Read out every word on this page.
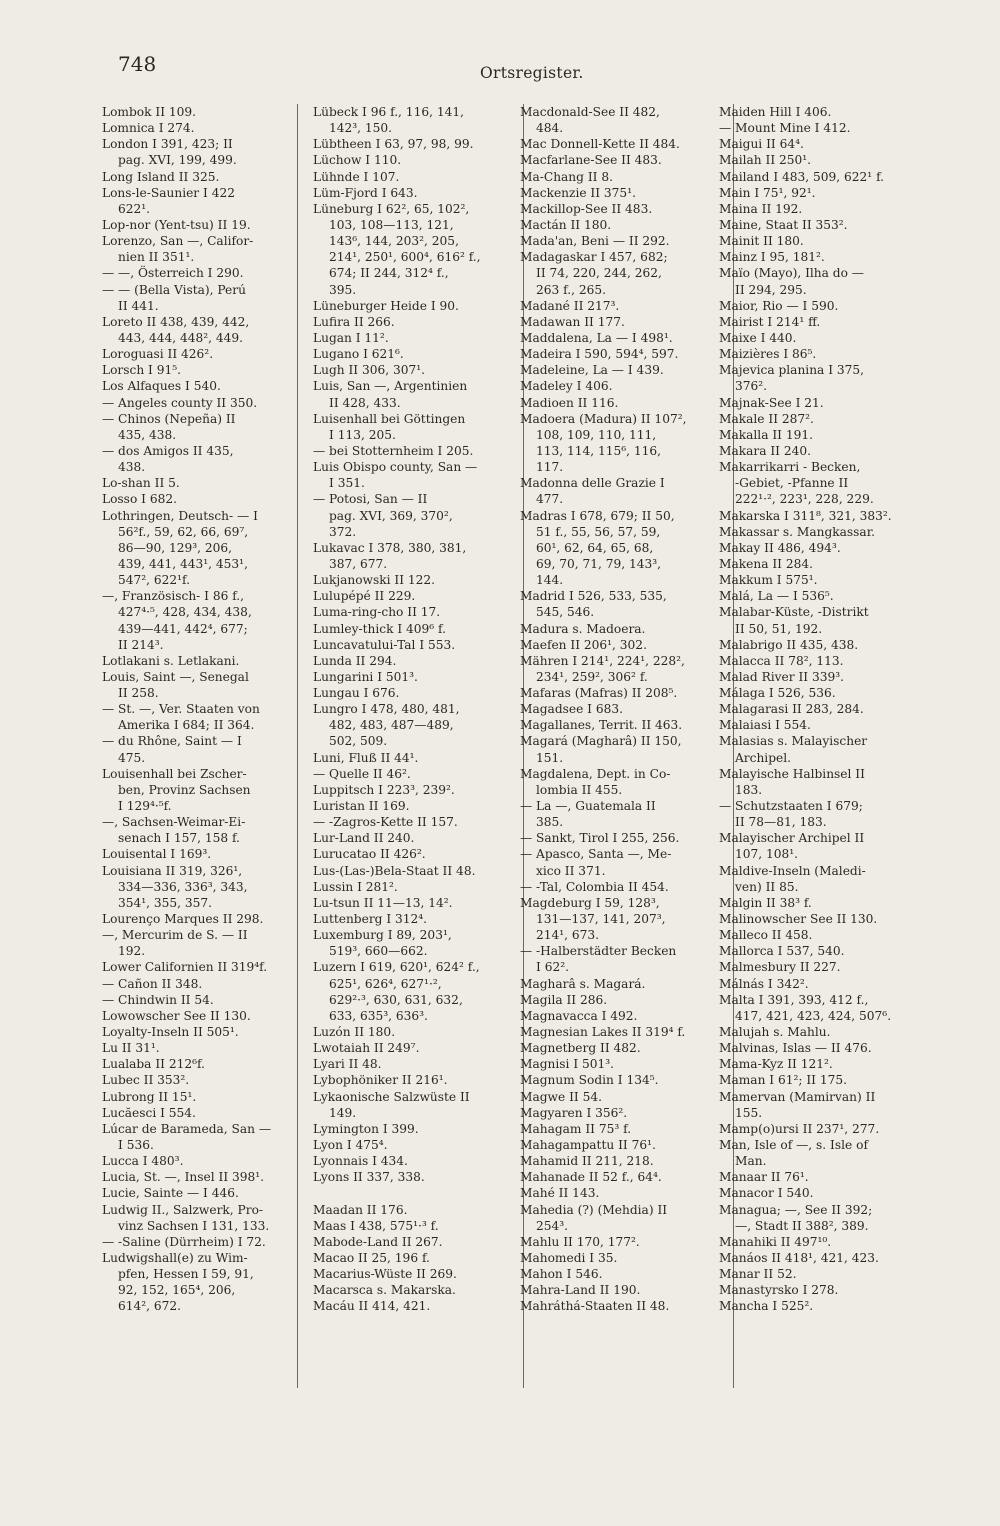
748	Ortsregister.
Lombok II 109.
Lomnica I 274.
London I 391, 423; II
pag. XVI, 199, 499.
Long Island II 325.
Lons-le-Saunier I 422
622¹.
Lop-nor (Yent-tsu) II 19.
Lorenzo, San —, Califor-
nien II 351¹.
— —, Österreich I 290.
— — (Bella Vista), Perú
II 441.
Loreto II 438, 439, 442,
443, 444, 448², 449.
Loroguasi II 426².
Lorsch I 91⁵.
Los Alfaques I 540.
— Angeles county II 350.
— Chinos (Nepeña) II
435, 438.
— dos Amigos II 435,
438.
Lo-shan II 5.
Losso I 682.
Lothringen, Deutsch- — I
56²f., 59, 62, 66, 69⁷,
86—90, 129³, 206,
439, 441, 443¹, 453¹,
547², 622¹f.
—, Französisch- I 86 f.,
427⁴·⁵, 428, 434, 438,
439—441, 442⁴, 677;
II 214³.
Lotlakani s. Letlakani.
Louis, Saint —, Senegal
II 258.
— St. —, Ver. Staaten von
Amerika I 684; II 364.
— du Rhône, Saint — I
475.
Louisenhall bei Zscher-
ben, Provinz Sachsen
I 129⁴·⁵f.
—, Sachsen-Weimar-Ei-
senach I 157, 158 f.
Louisental I 169³.
Louisiana II 319, 326¹,
334—336, 336³, 343,
354¹, 355, 357.
Lourenço Marques II 298.
—, Mercurim de S. — II
192.
Lower Californien II 319⁴f.
— Cañon II 348.
— Chindwin II 54.
Lowowscher See II 130.
Loyalty-Inseln II 505¹.
Lu II 31¹.
Lualaba II 212⁶f.
Lubec II 353².
Lubrong II 15¹.
Lucăesci I 554.
Lúcar de Barameda, San —
I 536.
Lucca I 480³.
Lucia, St. —, Insel II 398¹.
Lucie, Sainte — I 446.
Ludwig II., Salzwerk, Pro-
vinz Sachsen I 131, 133.
— -Saline (Dürrheim) I 72.
Ludwigshall(e) zu Wim-
pfen, Hessen I 59, 91,
92, 152, 165⁴, 206,
614², 672.
Lübeck I 96 f., 116, 141,
142³, 150.
Lübtheen I 63, 97, 98, 99.
Lüchow I 110.
Lühnde I 107.
Lüm-Fjord I 643.
Lüneburg I 62², 65, 102²,
103, 108—113, 121,
143⁶, 144, 203², 205,
214¹, 250¹, 600⁴, 616² f.,
674; II 244, 312⁴ f.,
395.
Lüneburger Heide I 90.
Lufira II 266.
Lugan I 11².
Lugano I 621⁶.
Lugh II 306, 307¹.
Luis, San —, Argentinien
II 428, 433.
Luisenhall bei Göttingen
I 113, 205.
— bei Stotternheim I 205.
Luis Obispo county, San —
I 351.
— Potosi, San — II
pag. XVI, 369, 370²,
372.
Lukavac I 378, 380, 381,
387, 677.
Lukjanowski II 122.
Lulupépé II 229.
Luma-ring-cho II 17.
Lumley-thick I 409⁶ f.
Luncavatului-Tal I 553.
Lunda II 294.
Lungarini I 501³.
Lungau I 676.
Lungro I 478, 480, 481,
482, 483, 487—489,
502, 509.
Luni, Fluß II 44¹.
— Quelle II 46².
Luppitsch I 223³, 239².
Luristan II 169.
— -Zagros-Kette II 157.
Lur-Land II 240.
Lurucatao II 426².
Lus-(Las-)Bela-Staat II 48.
Lussin I 281².
Lu-tsun II 11—13, 14².
Luttenberg I 312⁴.
Luxemburg I 89, 203¹,
519³, 660—662.
Luzern I 619, 620¹, 624² f.,
625¹, 626⁴, 627¹·²,
629²·³, 630, 631, 632,
633, 635³, 636³.
Luzón II 180.
Lwotaiah II 249⁷.
Lyari II 48.
Lybophöniker II 216¹.
Lykaonische Salzwüste II
149.
Lymington I 399.
Lyon I 475⁴.
Lyonnais I 434.
Lyons II 337, 338.
Maadan II 176.
Maas I 438, 575¹·³ f.
Mabode-Land II 267.
Macao II 25, 196 f.
Macarius-Wüste II 269.
Macarsca s. Makarska.
Macáu II 414, 421.
Macdonald-See II 482,
484.
Mac Donnell-Kette II 484.
Macfarlane-See II 483.
Ma-Chang II 8.
Mackenzie II 375¹.
Mackillop-See II 483.
Mactán II 180.
Mada'an, Beni — II 292.
Madagaskar I 457, 682;
II 74, 220, 244, 262,
263 f., 265.
Madané II 217³.
Madawan II 177.
Maddalena, La — I 498¹.
Madeira I 590, 594⁴, 597.
Madeleine, La — I 439.
Madeley I 406.
Madioen II 116.
Madoera (Madura) II 107²,
108, 109, 110, 111,
113, 114, 115⁶, 116,
117.
Madonna delle Grazie I
477.
Madras I 678, 679; II 50,
51 f., 55, 56, 57, 59,
60¹, 62, 64, 65, 68,
69, 70, 71, 79, 143³,
144.
Madrid I 526, 533, 535,
545, 546.
Madura s. Madoera.
Maefen II 206¹, 302.
Mähren I 214¹, 224¹, 228²,
234¹, 259², 306² f.
Mafaras (Mafras) II 208⁵.
Magadsee I 683.
Magallanes, Territ. II 463.
Magará (Magharâ) II 150,
151.
Magdalena, Dept. in Co-
lombia II 455.
— La —, Guatemala II
385.
— Sankt, Tirol I 255, 256.
— Apasco, Santa —, Me-
xico II 371.
— -Tal, Colombia II 454.
Magdeburg I 59, 128³,
131—137, 141, 207³,
214¹, 673.
— -Halberstädter Becken
I 62².
Magharâ s. Magará.
Magila II 286.
Magnavacca I 492.
Magnesian Lakes II 319⁴ f.
Magnetberg II 482.
Magnisi I 501³.
Magnum Sodin I 134⁵.
Magwe II 54.
Magyaren I 356².
Mahagam II 75³ f.
Mahagampattu II 76¹.
Mahamid II 211, 218.
Mahanade II 52 f., 64⁴.
Mahé II 143.
Mahedia (?) (Mehdia) II
254³.
Mahlu II 170, 177².
Mahomedi I 35.
Mahon I 546.
Mahra-Land II 190.
Mahráthá-Staaten II 48.
Maiden Hill I 406.
— Mount Mine I 412.
Maigui II 64⁴.
Mailah II 250¹.
Mailand I 483, 509, 622¹ f.
Main I 75¹, 92¹.
Maina II 192.
Maine, Staat II 353².
Mainit II 180.
Mainz I 95, 181².
Maïo (Mayo), Ilha do —
II 294, 295.
Maior, Rio — I 590.
Mairist I 214¹ ff.
Maixe I 440.
Maizières I 86⁵.
Majevica planina I 375,
376².
Majnak-See I 21.
Makale II 287².
Makalla II 191.
Makara II 240.
Makarrikarri - Becken,
-Gebiet, -Pfanne II
222¹·², 223¹, 228, 229.
Makarska I 311⁸, 321, 383².
Makassar s. Mangkassar.
Makay II 486, 494³.
Makena II 284.
Makkum I 575¹.
Malá, La — I 536⁵.
Malabar-Küste, -Distrikt
II 50, 51, 192.
Malabrigo II 435, 438.
Malacca II 78², 113.
Malad River II 339³.
Málaga I 526, 536.
Malagarasi II 283, 284.
Malaiasi I 554.
Malasias s. Malayischer
Archipel.
Malayische Halbinsel II
183.
— Schutzstaaten I 679;
II 78—81, 183.
Malayischer Archipel II
107, 108¹.
Maldive-Inseln (Maledi-
ven) II 85.
Malgin II 38³ f.
Malinowscher See II 130.
Malleco II 458.
Mallorca I 537, 540.
Malmesbury II 227.
Málnás I 342².
Malta I 391, 393, 412 f.,
417, 421, 423, 424, 507⁶.
Malujah s. Mahlu.
Malvinas, Islas — II 476.
Mama-Kyz II 121².
Maman I 61²; II 175.
Mamervan (Mamirvan) II
155.
Mamp(o)ursi II 237¹, 277.
Man, Isle of —, s. Isle of
Man.
Manaar II 76¹.
Manacor I 540.
Managua; —, See II 392;
—, Stadt II 388², 389.
Manahiki II 497¹⁰.
Manáos II 418¹, 421, 423.
Manar II 52.
Manastyrsko I 278.
Mancha I 525².
